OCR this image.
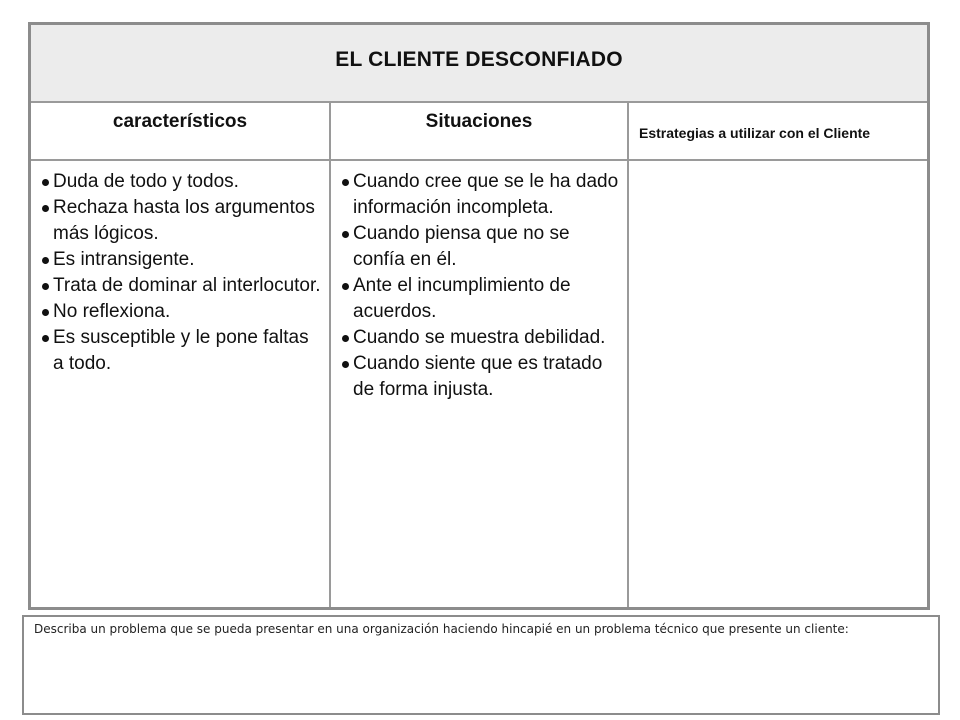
EL CLIENTE DESCONFIADO
característicos	Situaciones
Estrategias a utilizar con el Cliente
Duda de todo y todos.
Rechaza hasta los argumentos más lógicos.
Es intransigente.
Trata de dominar al interlocutor.
No reflexiona.
Es susceptible y le pone faltas a todo.
Cuando cree que se le ha dado información incompleta.
Cuando piensa que no se confía en él.
Ante el incumplimiento de acuerdos.
Cuando se muestra debilidad.
Cuando siente que es tratado de forma injusta.
Describa un problema que se pueda presentar en una organización haciendo hincapié en un problema técnico que presente un cliente:
